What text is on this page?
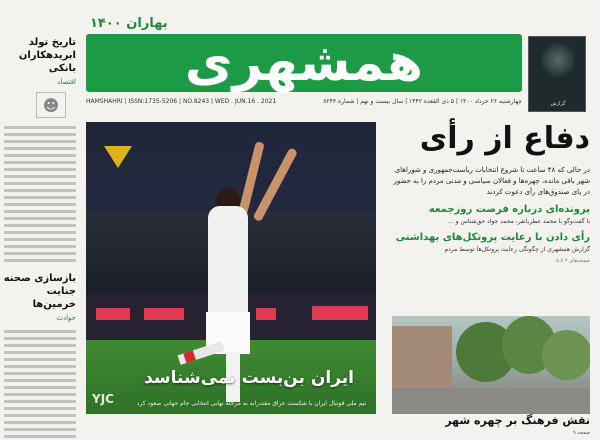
بهاران ۱۴۰۰
همشهری
HAMSHAHRI | ISSN:1735-5206 | NO.8243 | WED . JUN.16 . 2021	چهارشنبه ۲۶ خرداد ۱۴۰۰ | ۵ ذی القعده ۱۴۴۲ | سال بیست و نهم | شماره ۸۲۴۳	گزارش
تاریخ تولد ابریدهکاران بانکی
اقتصاد
☻
بازسازی صحنه جنایت خرمین‌ها
حوادث
ایران بن‌بست نمی‌شناسد
تیم ملی فوتبال ایران با شکست عراق مقتدرانه به مرحله نهایی انتخابی جام جهانی صعود کرد
YJC
دفاع از رأی
در حالی که ۴۸ ساعت تا شروع انتخابات ریاست‌جمهوری و شوراهای شهر باقی مانده، چهره‌ها و فعالان سیاسی و مدنی مردم را به حضور در پای صندوق‌های رأی دعوت کردند
پرونده‌ای درباره فرصت روزجمعه
با گفت‌وگو با محمد عطریانفر، محمد جواد حق‌شناس و ...
رأی دادن با رعایت پروتکل‌های بهداشتی
گزارش همشهری از چگونگی رعایت پروتکل‌ها توسط مردم
صفحه‌های ۲ تا ۵
نقش فرهنگ بر چهره شهر
صفحه ۹
